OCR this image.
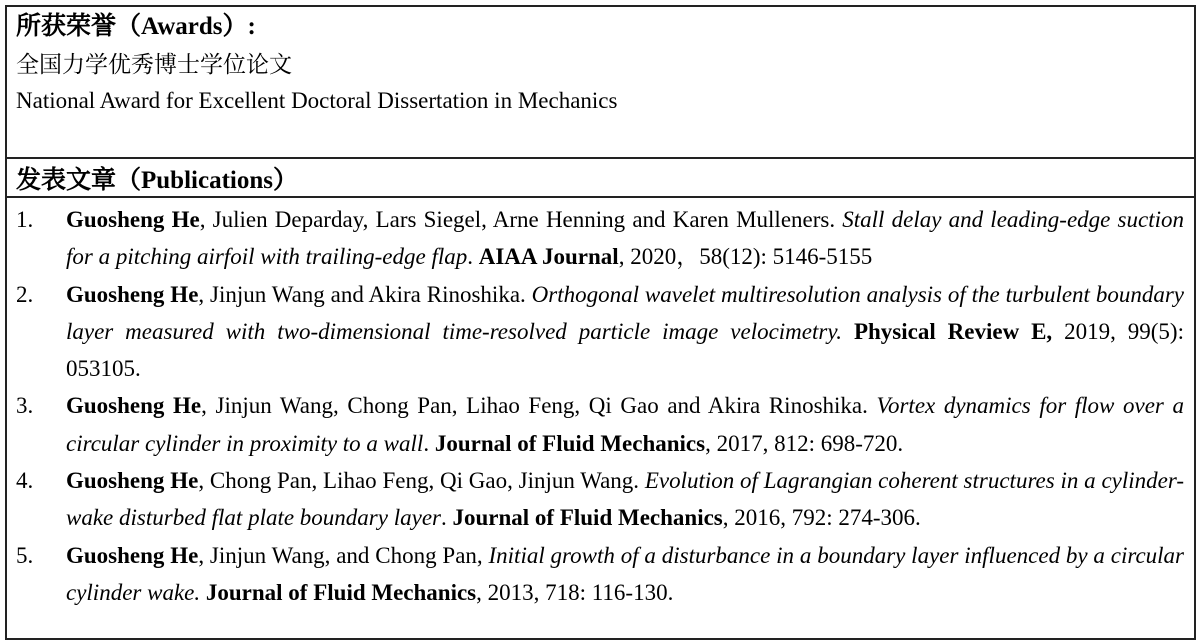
所获荣誉（Awards）:
全国力学优秀博士学位论文
National Award for Excellent Doctoral Dissertation in Mechanics
发表文章（Publications）
1. Guosheng He, Julien Deparday, Lars Siegel, Arne Henning and Karen Mulleners. Stall delay and leading-edge suction for a pitching airfoil with trailing-edge flap. AIAA Journal, 2020，58(12): 5146-5155
2. Guosheng He, Jinjun Wang and Akira Rinoshika. Orthogonal wavelet multiresolution analysis of the turbulent boundary layer measured with two-dimensional time-resolved particle image velocimetry. Physical Review E, 2019, 99(5): 053105.
3. Guosheng He, Jinjun Wang, Chong Pan, Lihao Feng, Qi Gao and Akira Rinoshika. Vortex dynamics for flow over a circular cylinder in proximity to a wall. Journal of Fluid Mechanics, 2017, 812: 698-720.
4. Guosheng He, Chong Pan, Lihao Feng, Qi Gao, Jinjun Wang. Evolution of Lagrangian coherent structures in a cylinder-wake disturbed flat plate boundary layer. Journal of Fluid Mechanics, 2016, 792: 274-306.
5. Guosheng He, Jinjun Wang, and Chong Pan, Initial growth of a disturbance in a boundary layer influenced by a circular cylinder wake. Journal of Fluid Mechanics, 2013, 718: 116-130.
